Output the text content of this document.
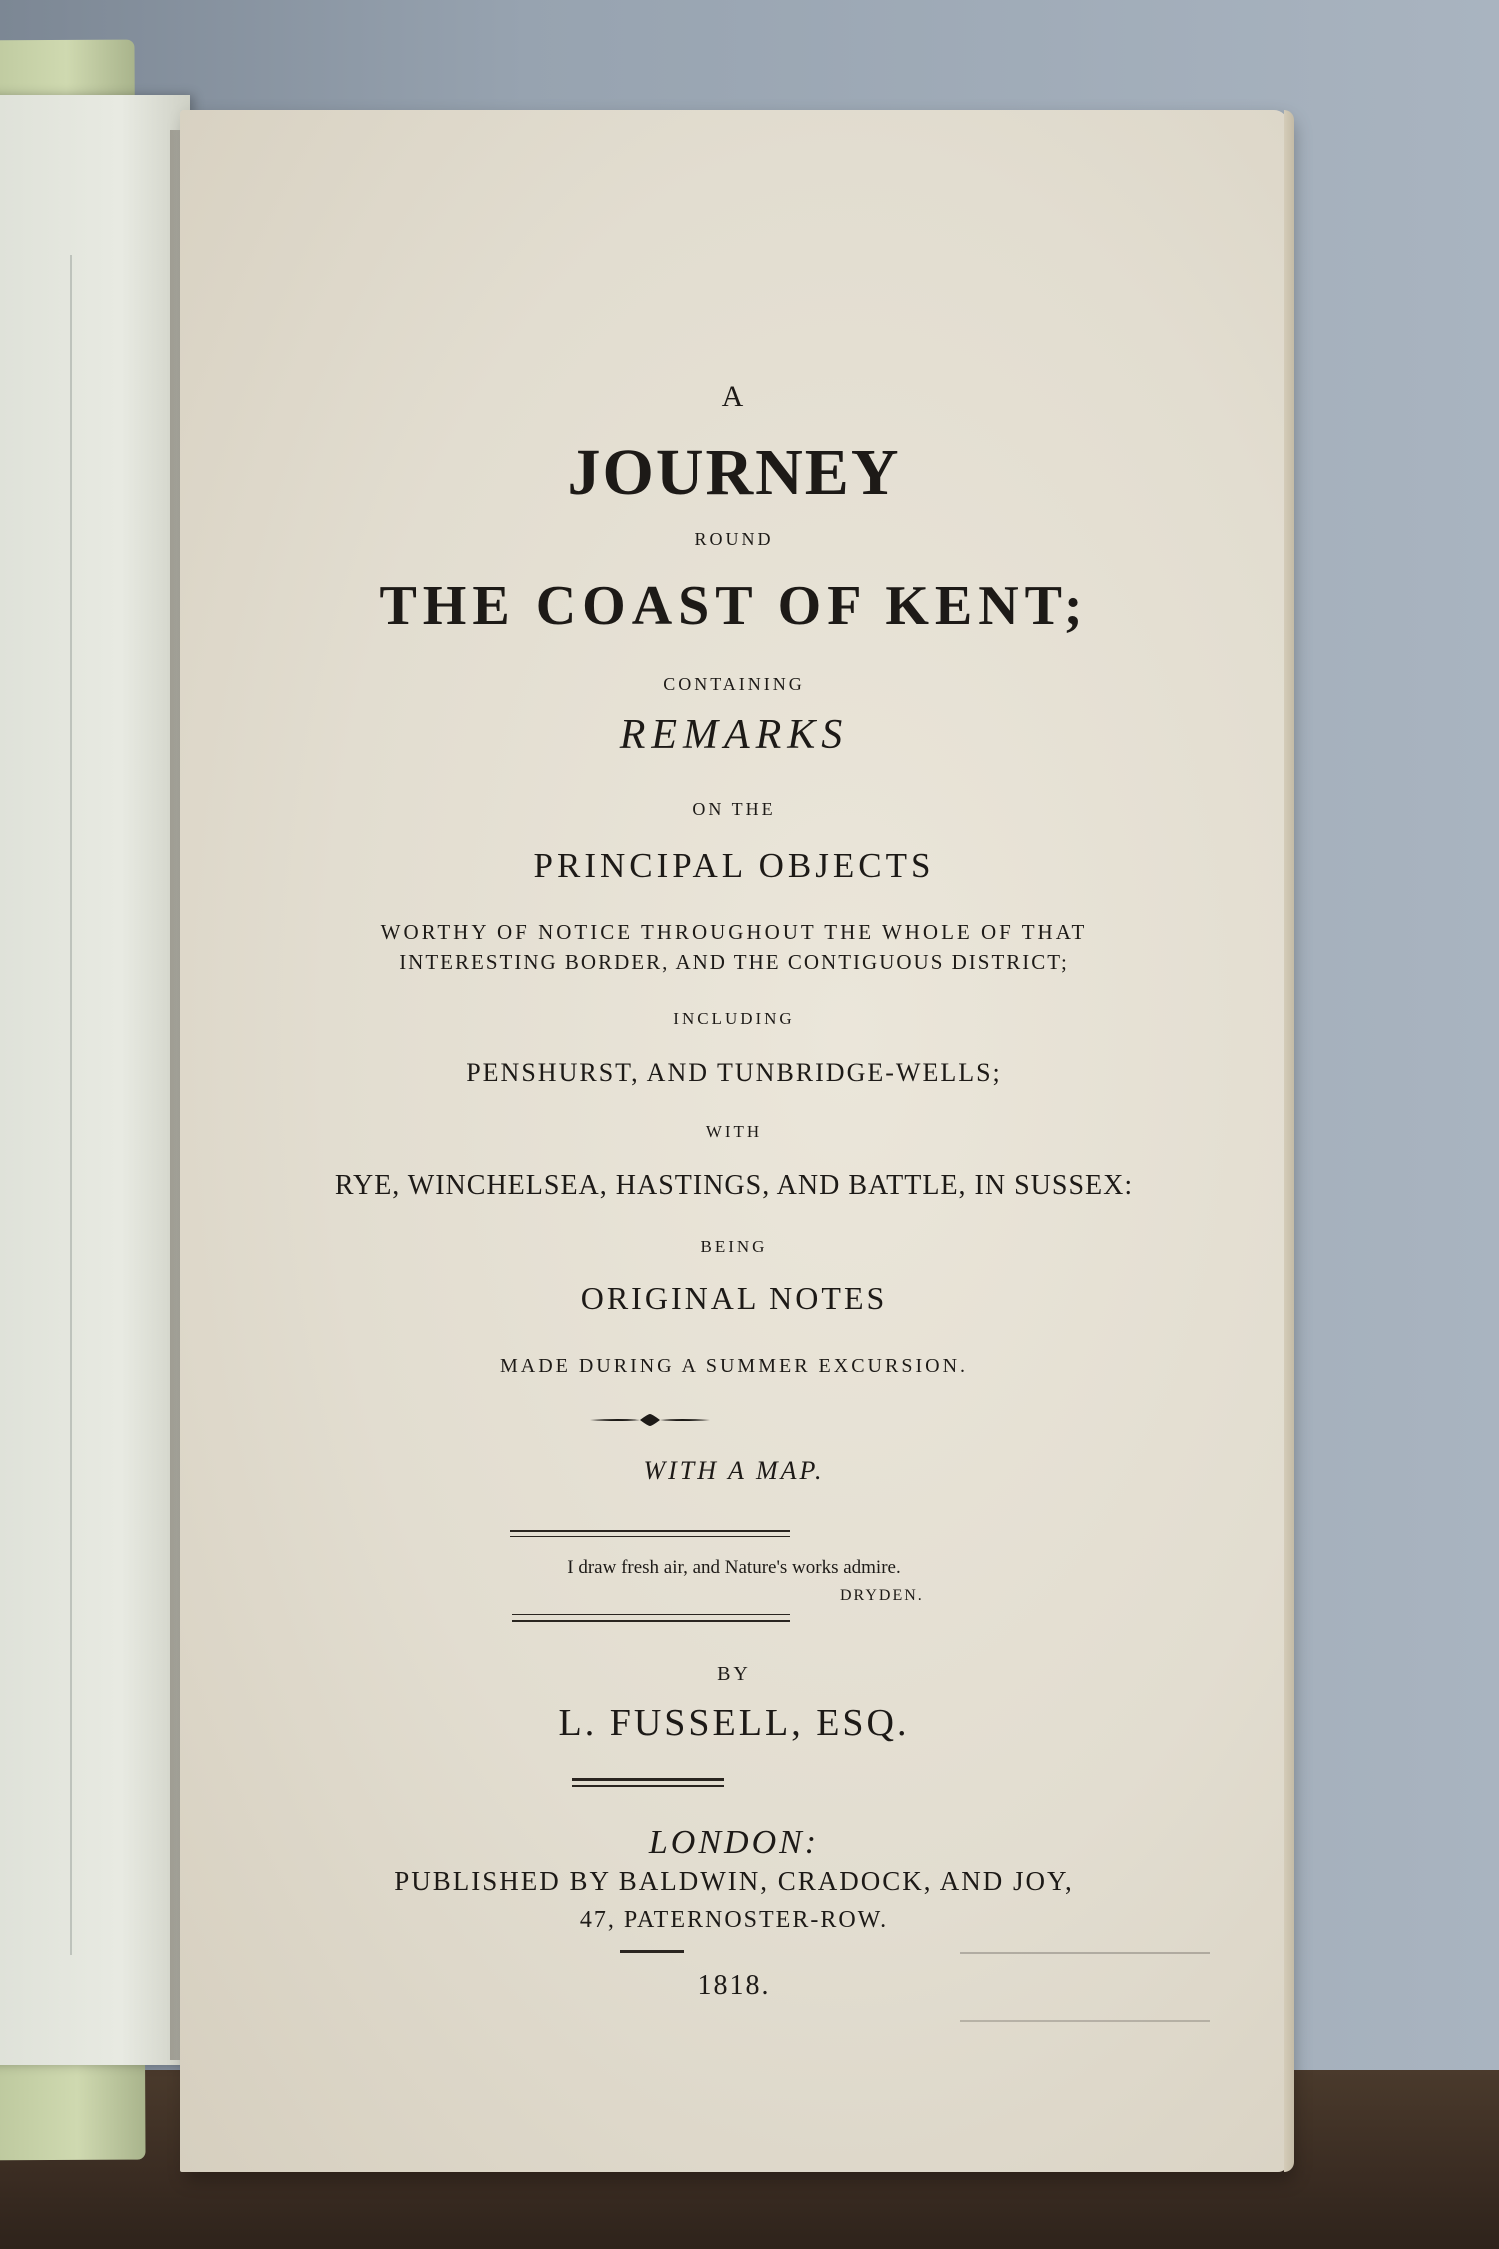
A
JOURNEY
ROUND
THE COAST OF KENT;
CONTAINING
REMARKS
ON THE
PRINCIPAL OBJECTS
WORTHY OF NOTICE THROUGHOUT THE WHOLE OF THAT
INTERESTING BORDER, AND THE CONTIGUOUS DISTRICT;
INCLUDING
PENSHURST, AND TUNBRIDGE-WELLS;
WITH
RYE, WINCHELSEA, HASTINGS, AND BATTLE, IN SUSSEX:
BEING
ORIGINAL NOTES
MADE DURING A SUMMER EXCURSION.
WITH A MAP.
I draw fresh air, and Nature's works admire.
DRYDEN.
BY
L. FUSSELL, ESQ.
LONDON:
PUBLISHED BY BALDWIN, CRADOCK, AND JOY,
47, PATERNOSTER-ROW.
1818.
